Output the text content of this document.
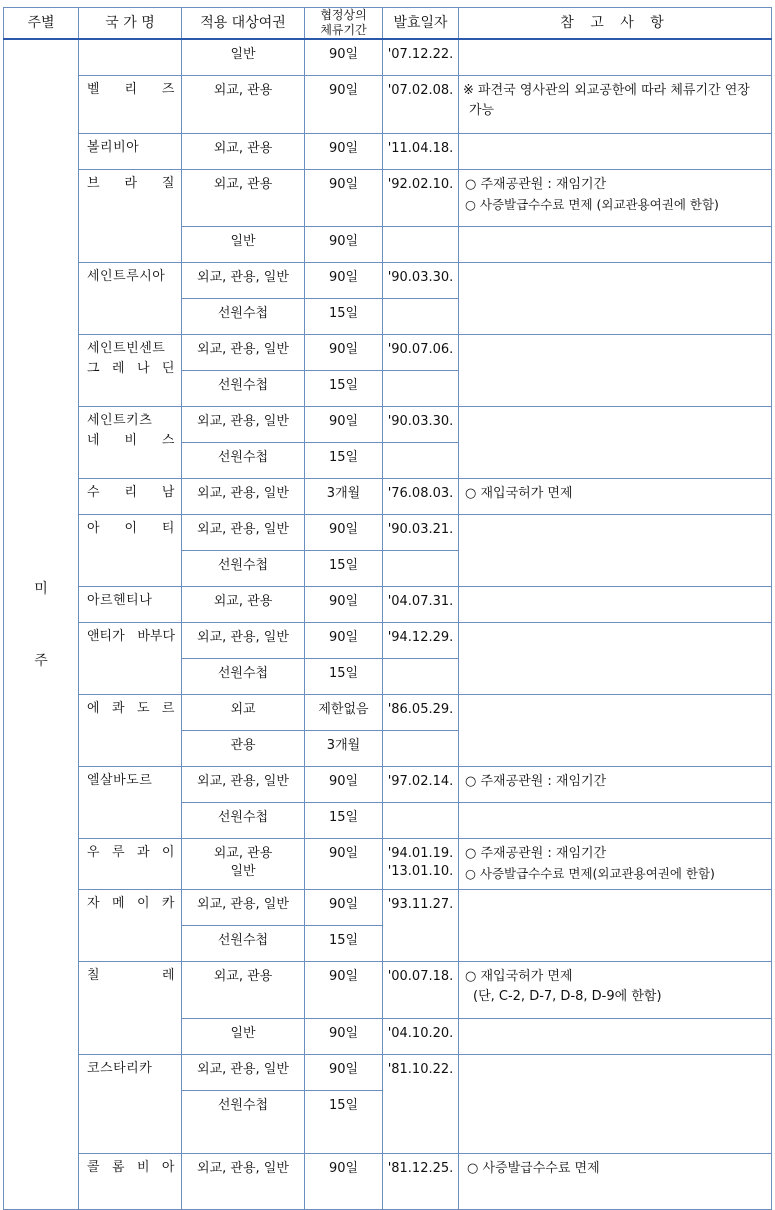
주별	국 가 명	적용 대상여권	협정상의
체류기간	발효일자	참 고 사 항

미
주		일반	90일	'07.12.22.	
	벨 리 즈	외교, 관용	90일	'07.02.08.	※ 파견국 영사관의 외교공한에 따라 체류기간 연장 가능
	볼리비아	외교, 관용	90일	'11.04.18.	
	브 라 질	외교, 관용	90일	'92.02.10.	○ 주재공관원 : 재임기간
○ 사증발급수수료 면제 (외교관용여권에 한함)

		일반	90일		
	세인트루시아	외교, 관용, 일반	90일	'90.03.30.	
		선원수첩	15일		

	세인트빈센트
그 레 나 딘	외교, 관용, 일반	90일	'90.07.06.	
		선원수첩	15일		

	세인트키츠
네 비 스	외교, 관용, 일반	90일	'90.03.30.	
		선원수첩	15일		
	수 리 남	외교, 관용, 일반	3개월	'76.08.03.	○ 재입국허가 면제
	아 이 티	외교, 관용, 일반	90일	'90.03.21.	
		선원수첩	15일		
	아르헨티나	외교, 관용	90일	'04.07.31.	
	앤티가 바부다	외교, 관용, 일반	90일	'94.12.29.	
		선원수첩	15일		
	에 콰 도 르	외교	제한없음	'86.05.29.	
		관용	3개월		
	엘살바도르	외교, 관용, 일반	90일	'97.02.14.	○ 주재공관원 : 재임기간
		선원수첩	15일		
	우 루 과 이	외교, 관용
일반	90일	'94.01.19.
'13.01.10.	○ 주재공관원 : 재임기간
○ 사증발급수수료 면제(외교관용여권에 한함)

	자 메 이 카	외교, 관용, 일반	90일	'93.11.27.	
		선원수첩	15일		
	칠 레	외교, 관용	90일	'00.07.18.	○ 재입국허가 면제
(단, C-2, D-7, D-8, D-9에 한함)

		일반	90일	'04.10.20.	
	코스타리카	외교, 관용, 일반	90일	'81.10.22.	
		선원수첩	15일		
	콜 롬 비 아	외교, 관용, 일반	90일	'81.12.25.	○ 사증발급수수료 면제
